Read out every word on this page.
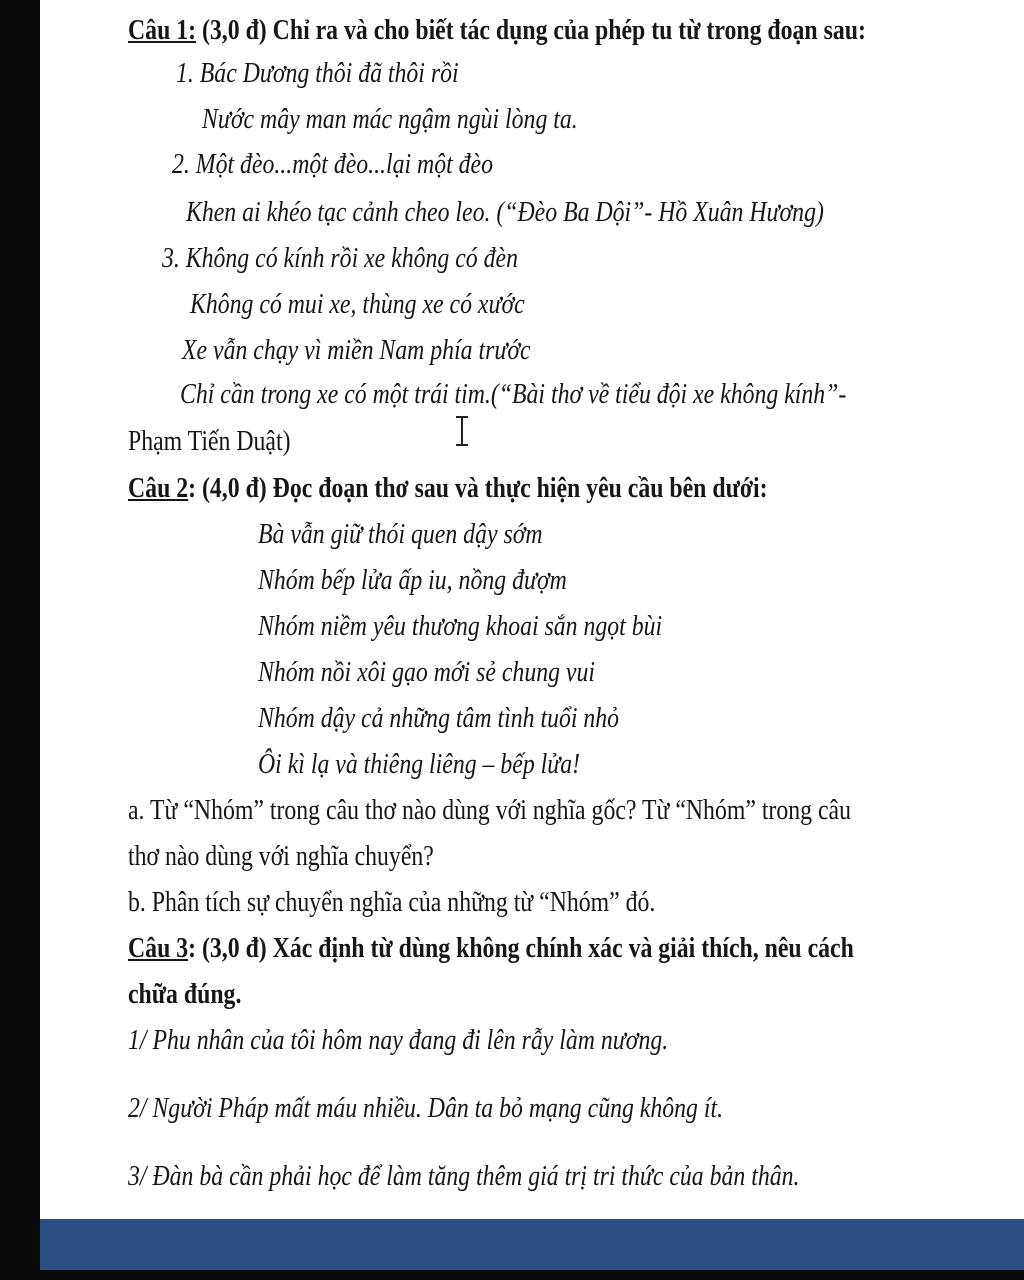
Câu 1: (3,0 đ) Chỉ ra và cho biết tác dụng của phép tu từ trong đoạn sau:
1. Bác Dương thôi đã thôi rồi
Nước mây man mác ngậm ngùi lòng ta.
2. Một đèo...một đèo...lại một đèo
Khen ai khéo tạc cảnh cheo leo. (“Đèo Ba Dội”- Hồ Xuân Hương)
3. Không có kính rồi xe không có đèn
Không có mui xe, thùng xe có xước
Xe vẫn chạy vì miền Nam phía trước
Chỉ cần trong xe có một trái tim.(“Bài thơ về tiểu đội xe không kính”-
Phạm Tiến Duật)
Câu 2: (4,0 đ) Đọc đoạn thơ sau và thực hiện yêu cầu bên dưới:
Bà vẫn giữ thói quen dậy sớm
Nhóm bếp lửa ấp iu, nồng đượm
Nhóm niềm yêu thương khoai sắn ngọt bùi
Nhóm nồi xôi gạo mới sẻ chung vui
Nhóm dậy cả những tâm tình tuổi nhỏ
Ôi kì lạ và thiêng liêng – bếp lửa!
a. Từ “Nhóm” trong câu thơ nào dùng với nghĩa gốc? Từ “Nhóm” trong câu
thơ nào dùng với nghĩa chuyển?
b. Phân tích sự chuyển nghĩa của những từ “Nhóm” đó.
Câu 3: (3,0 đ) Xác định từ dùng không chính xác và giải thích, nêu cách
chữa đúng.
1/ Phu nhân của tôi hôm nay đang đi lên rẫy làm nương.
2/ Người Pháp mất máu nhiều. Dân ta bỏ mạng cũng không ít.
3/ Đàn bà cần phải học để làm tăng thêm giá trị tri thức của bản thân.
